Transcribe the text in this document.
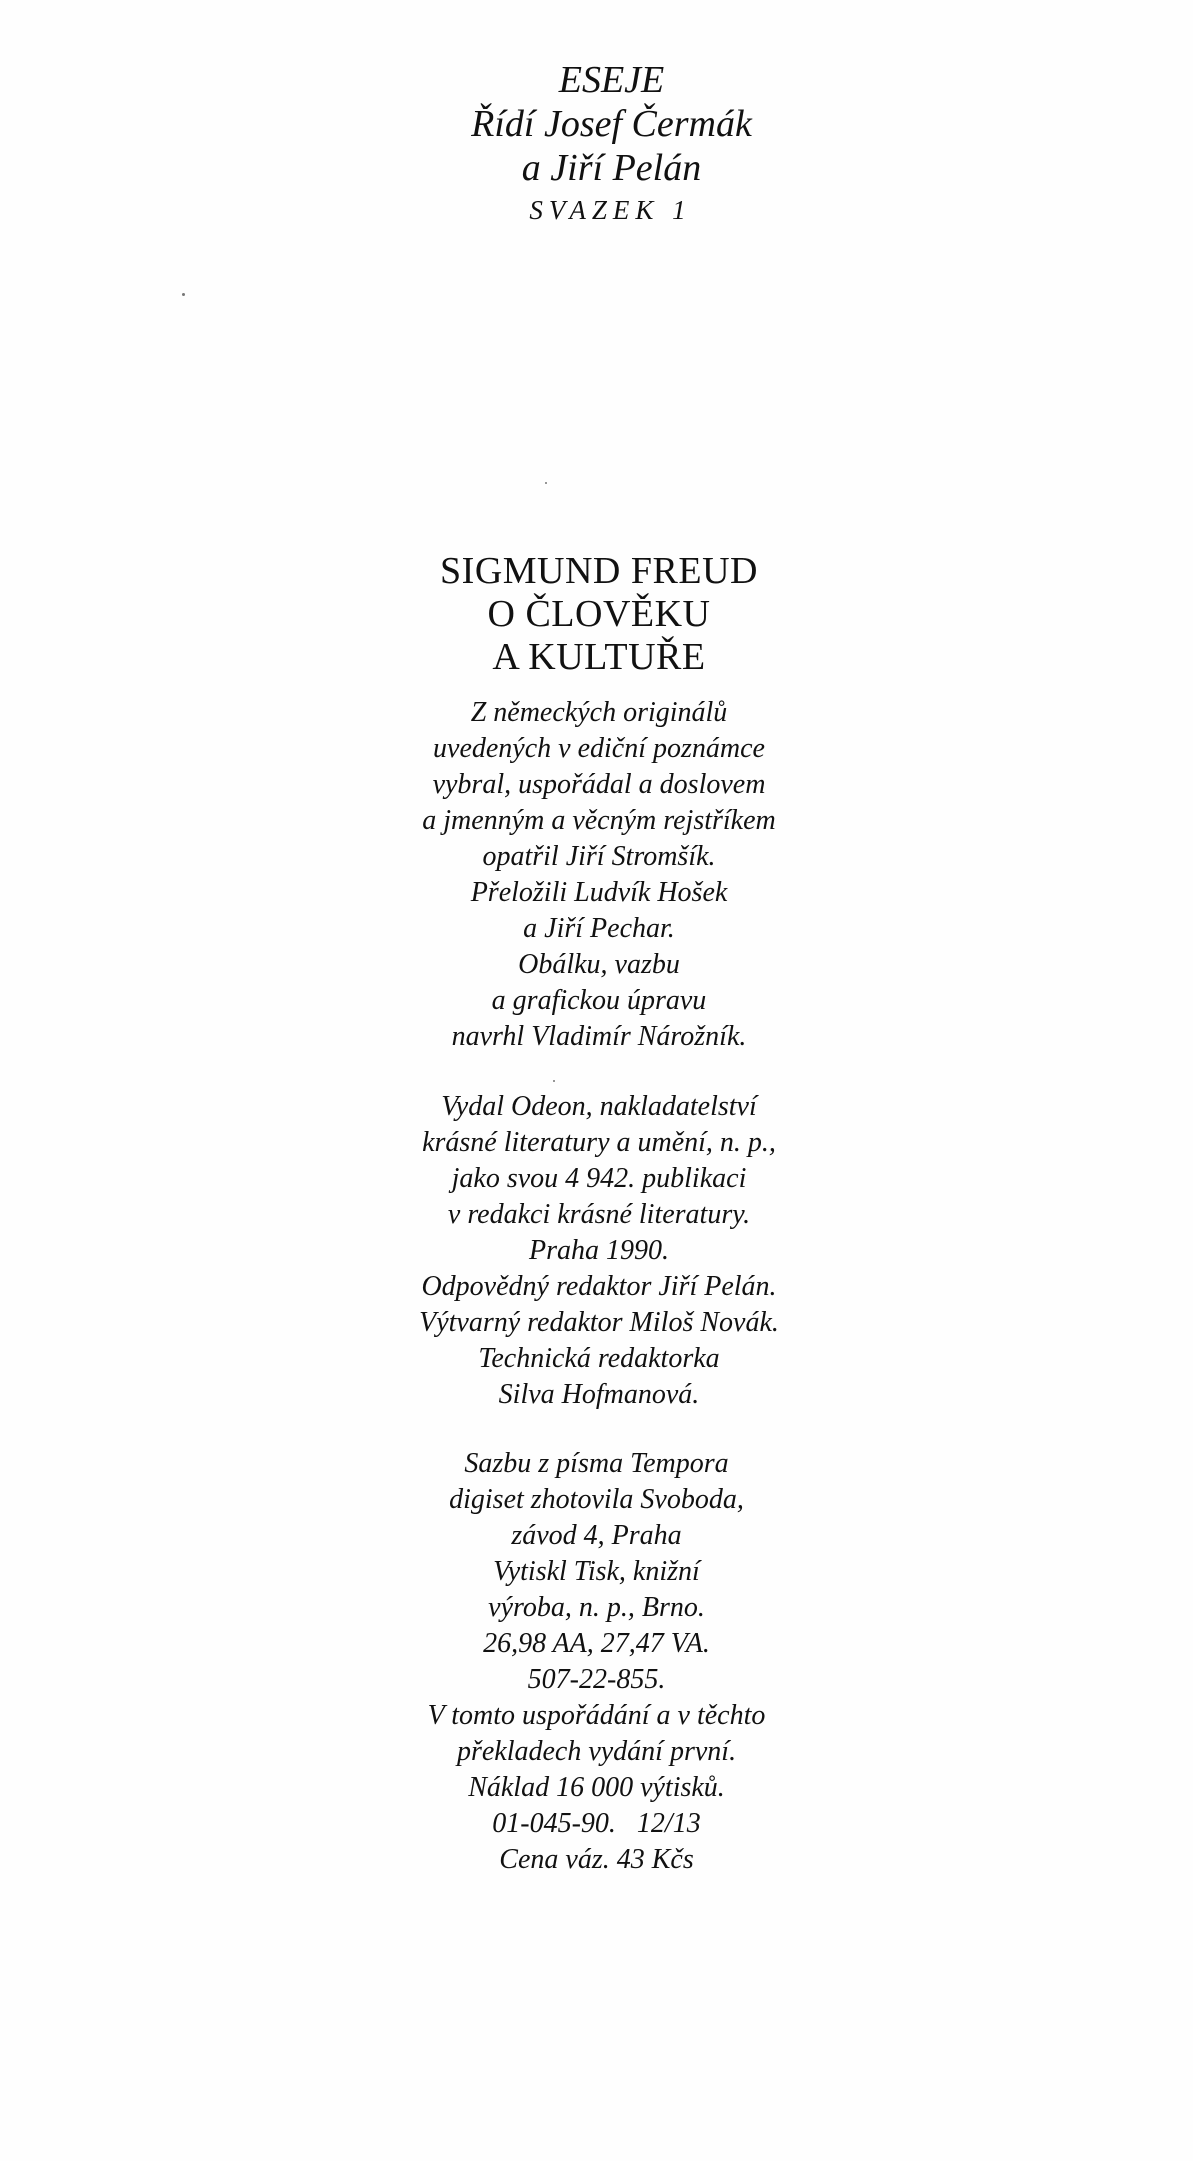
ESEJE
Řídí Josef Čermák
a Jiří Pelán
SVAZEK 1
SIGMUND FREUD
O ČLOVĚKU
A KULTUŘE
Z německých originálů
uvedených v ediční poznámce
vybral, uspořádal a doslovem
a jmenným a věcným rejstříkem
opatřil Jiří Stromšík.
Přeložili Ludvík Hošek
a Jiří Pechar.
Obálku, vazbu
a grafickou úpravu
navrhl Vladimír Nárožník.
Vydal Odeon, nakladatelství
krásné literatury a umění, n. p.,
jako svou 4 942. publikaci
v redakci krásné literatury.
Praha 1990.
Odpovědný redaktor Jiří Pelán.
Výtvarný redaktor Miloš Novák.
Technická redaktorka
Silva Hofmanová.
Sazbu z písma Tempora
digiset zhotovila Svoboda,
závod 4, Praha
Vytiskl Tisk, knižní
výroba, n. p., Brno.
26,98 AA, 27,47 VA.
507-22-855.
V tomto uspořádání a v těchto
překladech vydání první.
Náklad 16 000 výtisků.
01-045-90.   12/13
Cena váz. 43 Kčs
